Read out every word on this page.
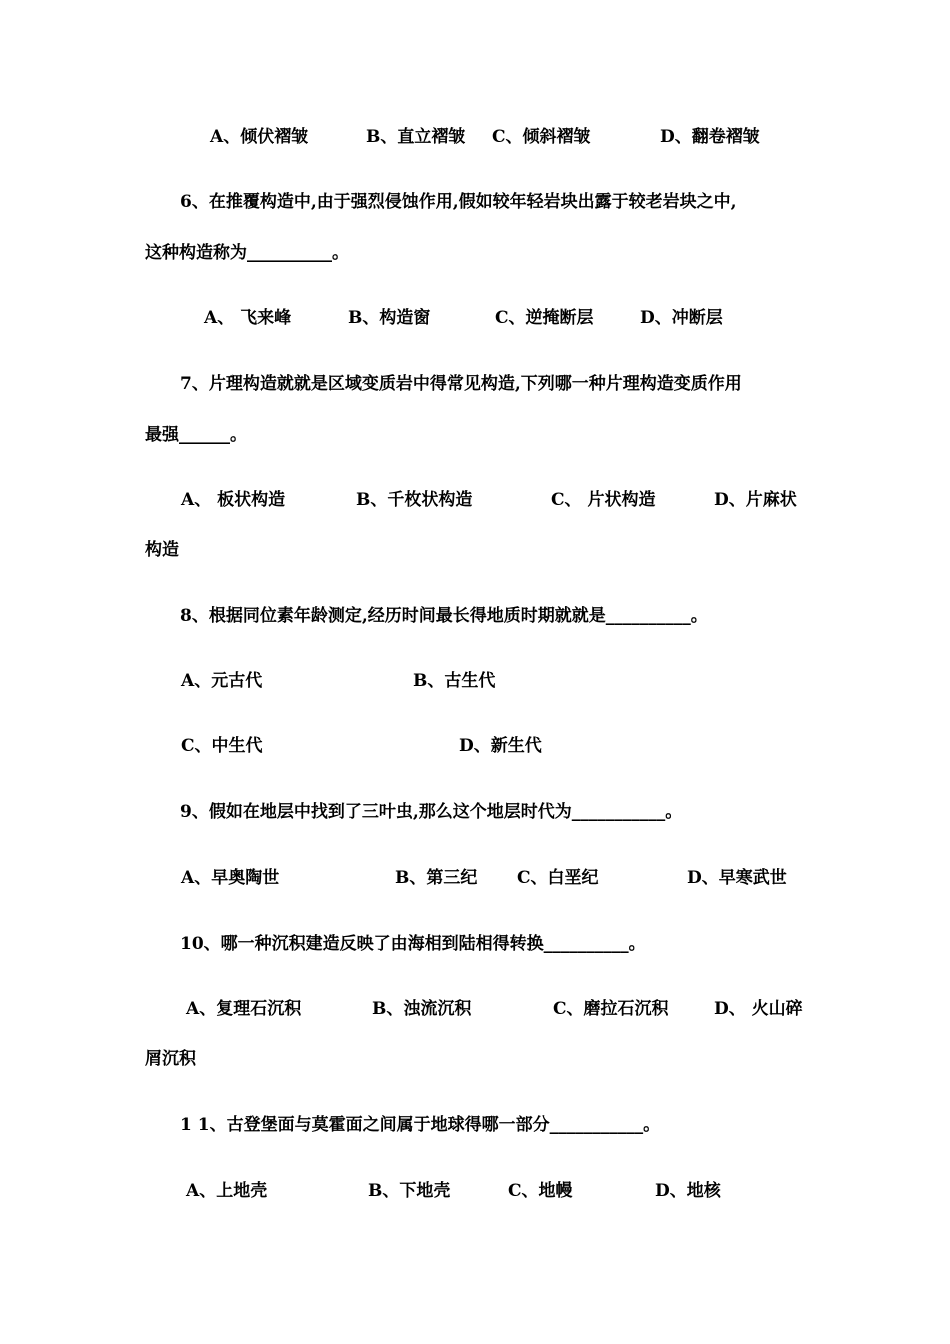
A、倾伏褶皱	B、直立褶皱 C、倾斜褶皱	D、翻卷褶皱
6、在推覆构造中,由于强烈侵蚀作用,假如较年轻岩块出露于较老岩块之中,
这种构造称为__________。
A、 飞来峰	B、构造窗	C、逆掩断层	D、冲断层
7、片理构造就就是区域变质岩中得常见构造,下列哪一种片理构造变质作用
最强______。
A、 板状构造	B、千枚状构造	C、 片状构造	D、片麻状
构造
8、根据同位素年龄测定,经历时间最长得地质时期就就是__________。
A、元古代	B、古生代
C、中生代	D、新生代
9、假如在地层中找到了三叶虫,那么这个地层时代为___________。
A、早奥陶世	B、第三纪 C、白垩纪	D、早寒武世
10、哪一种沉积建造反映了由海相到陆相得转换__________。
A、复理石沉积	B、浊流沉积	C、磨拉石沉积	D、 火山碎
屑沉积
1 1、古登堡面与莫霍面之间属于地球得哪一部分___________。
A、上地壳	B、下地壳	C、地幔	D、地核
